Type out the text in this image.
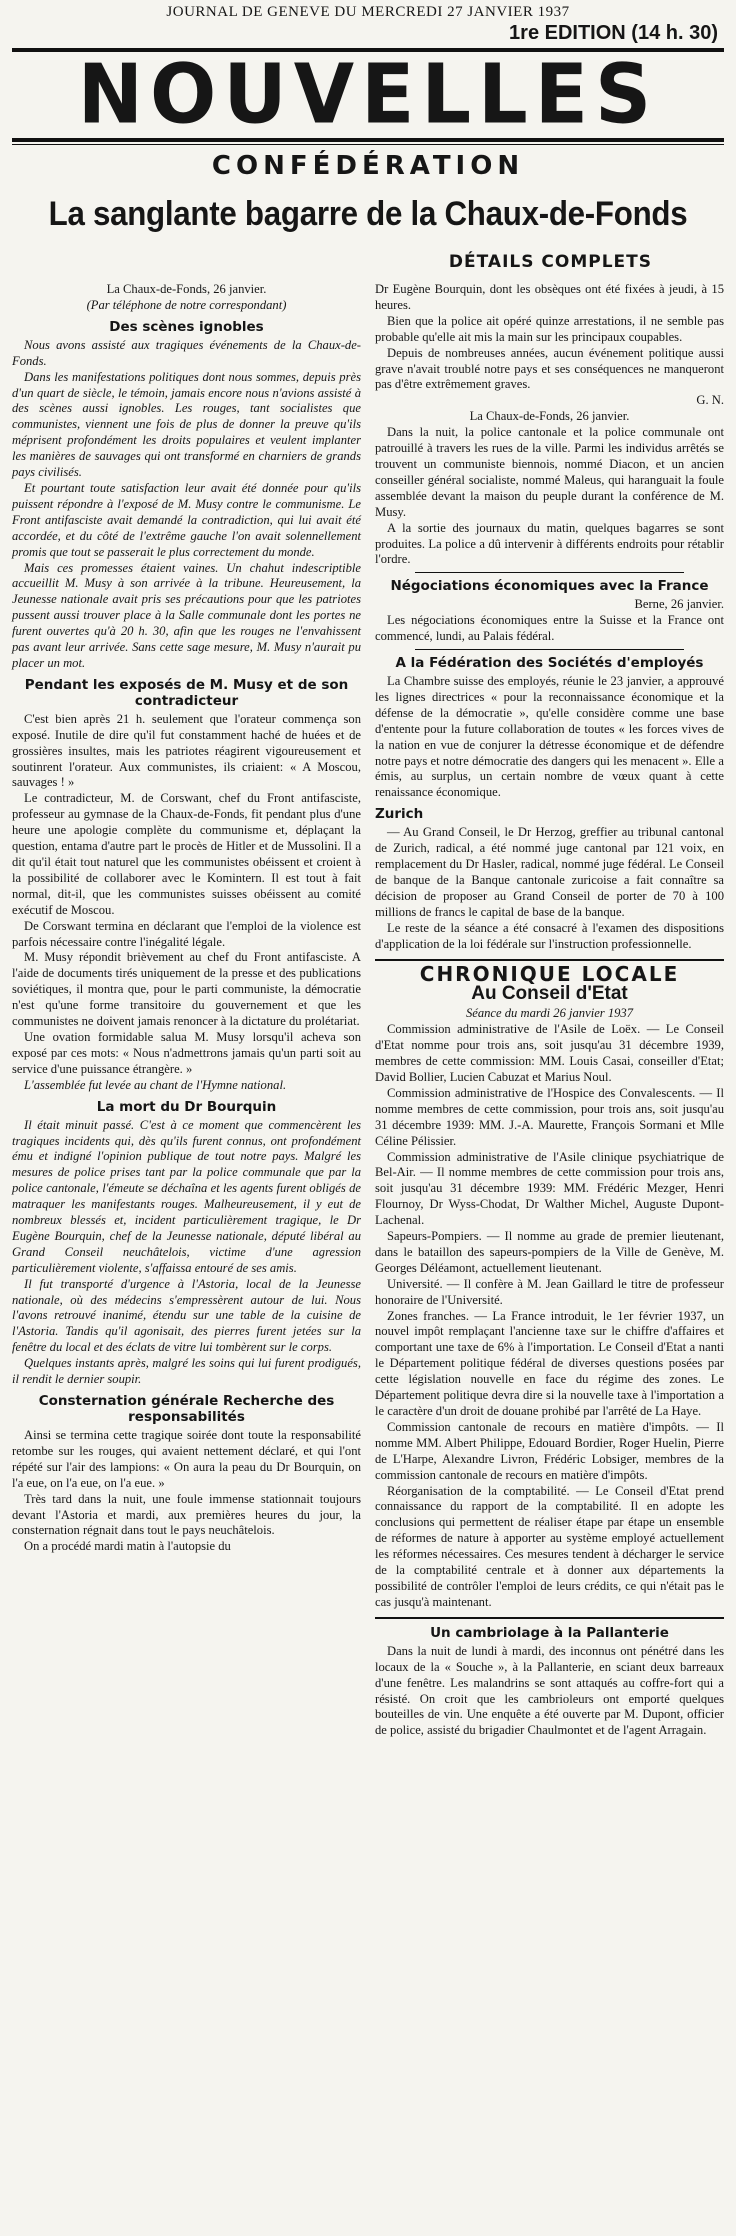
JOURNAL DE GENEVE DU MERCREDI 27 JANVIER 1937
1re EDITION (14 h. 30)
NOUVELLES
CONFÉDÉRATION
La sanglante bagarre de la Chaux-de-Fonds
DÉTAILS COMPLETS

La Chaux-de-Fonds, 26 janvier.

(Par téléphone de notre correspondant)

Des scènes ignobles

Nous avons assisté aux tragiques événements de la Chaux-de-Fonds.

Dans les manifestations politiques dont nous sommes, depuis près d'un quart de siècle, le témoin, jamais encore nous n'avions assisté à des scènes aussi ignobles. Les rouges, tant socialistes que communistes, viennent une fois de plus de donner la preuve qu'ils méprisent profondément les droits populaires et veulent implanter les manières de sauvages qui ont transformé en charniers de grands pays civilisés.

Et pourtant toute satisfaction leur avait été donnée pour qu'ils puissent répondre à l'exposé de M. Musy contre le communisme. Le Front antifasciste avait demandé la contradiction, qui lui avait été accordée, et du côté de l'extrême gauche l'on avait solennellement promis que tout se passerait le plus correctement du monde.

Mais ces promesses étaient vaines. Un chahut indescriptible accueillit M. Musy à son arrivée à la tribune. Heureusement, la Jeunesse nationale avait pris ses précautions pour que les patriotes pussent aussi trouver place à la Salle communale dont les portes ne furent ouvertes qu'à 20 h. 30, afin que les rouges ne l'envahissent pas avant leur arrivée. Sans cette sage mesure, M. Musy n'aurait pu placer un mot.

Pendant les exposés de M. Musy et de son contradicteur

C'est bien après 21 h. seulement que l'orateur commença son exposé. Inutile de dire qu'il fut constamment haché de huées et de grossières insultes, mais les patriotes réagirent vigoureusement et soutinrent l'orateur. Aux communistes, ils criaient: « A Moscou, sauvages ! »

Le contradicteur, M. de Corswant, chef du Front antifasciste, professeur au gymnase de la Chaux-de-Fonds, fit pendant plus d'une heure une apologie complète du communisme et, déplaçant la question, entama d'autre part le procès de Hitler et de Mussolini. Il a dit qu'il était tout naturel que les communistes obéissent et croient à la possibilité de collaborer avec le Komintern. Il est tout à fait normal, dit-il, que les communistes suisses obéissent au comité exécutif de Moscou.

De Corswant termina en déclarant que l'emploi de la violence est parfois nécessaire contre l'inégalité légale.

M. Musy répondit brièvement au chef du Front antifasciste. A l'aide de documents tirés uniquement de la presse et des publications soviétiques, il montra que, pour le parti communiste, la démocratie n'est qu'une forme transitoire du gouvernement et que les communistes ne doivent jamais renoncer à la dictature du prolétariat.

Une ovation formidable salua M. Musy lorsqu'il acheva son exposé par ces mots: « Nous n'admettrons jamais qu'un parti soit au service d'une puissance étrangère. »

L'assemblée fut levée au chant de l'Hymne national.

La mort du Dr Bourquin

Il était minuit passé. C'est à ce moment que commencèrent les tragiques incidents qui, dès qu'ils furent connus, ont profondément ému et indigné l'opinion publique de tout notre pays. Malgré les mesures de police prises tant par la police communale que par la police cantonale, l'émeute se déchaîna et les agents furent obligés de matraquer les manifestants rouges. Malheureusement, il y eut de nombreux blessés et, incident particulièrement tragique, le Dr Eugène Bourquin, chef de la Jeunesse nationale, député libéral au Grand Conseil neuchâtelois, victime d'une agression particulièrement violente, s'affaissa entouré de ses amis.

Il fut transporté d'urgence à l'Astoria, local de la Jeunesse nationale, où des médecins s'empressèrent autour de lui. Nous l'avons retrouvé inanimé, étendu sur une table de la cuisine de l'Astoria. Tandis qu'il agonisait, des pierres furent jetées sur la fenêtre du local et des éclats de vitre lui tombèrent sur le corps.

Quelques instants après, malgré les soins qui lui furent prodigués, il rendit le dernier soupir.

Consternation générale Recherche des responsabilités

Ainsi se termina cette tragique soirée dont toute la responsabilité retombe sur les rouges, qui avaient nettement déclaré, et qui l'ont répété sur l'air des lampions: « On aura la peau du Dr Bourquin, on l'a eue, on l'a eue, on l'a eue. »

Très tard dans la nuit, une foule immense stationnait toujours devant l'Astoria et mardi, aux premières heures du jour, la consternation régnait dans tout le pays neuchâtelois.

On a procédé mardi matin à l'autopsie du

Dr Eugène Bourquin, dont les obsèques ont été fixées à jeudi, à 15 heures.

Bien que la police ait opéré quinze arrestations, il ne semble pas probable qu'elle ait mis la main sur les principaux coupables.

Depuis de nombreuses années, aucun événement politique aussi grave n'avait troublé notre pays et ses conséquences ne manqueront pas d'être extrêmement graves.

G. N.

La Chaux-de-Fonds, 26 janvier.

Dans la nuit, la police cantonale et la police communale ont patrouillé à travers les rues de la ville. Parmi les individus arrêtés se trouvent un communiste biennois, nommé Diacon, et un ancien conseiller général socialiste, nommé Maleus, qui haranguait la foule assemblée devant la maison du peuple durant la conférence de M. Musy.

A la sortie des journaux du matin, quelques bagarres se sont produites. La police a dû intervenir à différents endroits pour rétablir l'ordre.

Négociations économiques avec la France

Berne, 26 janvier.

Les négociations économiques entre la Suisse et la France ont commencé, lundi, au Palais fédéral.

A la Fédération des Sociétés d'employés

La Chambre suisse des employés, réunie le 23 janvier, a approuvé les lignes directrices « pour la reconnaissance économique et la défense de la démocratie », qu'elle considère comme une base d'entente pour la future collaboration de toutes « les forces vives de la nation en vue de conjurer la détresse économique et de défendre notre pays et notre démocratie des dangers qui les menacent ». Elle a émis, au surplus, un certain nombre de vœux quant à cette renaissance économique.

Zurich

— Au Grand Conseil, le Dr Herzog, greffier au tribunal cantonal de Zurich, radical, a été nommé juge cantonal par 121 voix, en remplacement du Dr Hasler, radical, nommé juge fédéral. Le Conseil de banque de la Banque cantonale zuricoise a fait connaître sa décision de proposer au Grand Conseil de porter de 70 à 100 millions de francs le capital de base de la banque.

Le reste de la séance a été consacré à l'examen des dispositions d'application de la loi fédérale sur l'instruction professionnelle.

CHRONIQUE LOCALE
Au Conseil d'Etat

Séance du mardi 26 janvier 1937

Commission administrative de l'Asile de Loëx. — Le Conseil d'Etat nomme pour trois ans, soit jusqu'au 31 décembre 1939, membres de cette commission: MM. Louis Casai, conseiller d'Etat; David Bollier, Lucien Cabuzat et Marius Noul.

Commission administrative de l'Hospice des Convalescents. — Il nomme membres de cette commission, pour trois ans, soit jusqu'au 31 décembre 1939: MM. J.-A. Maurette, François Sormani et Mlle Céline Pélissier.

Commission administrative de l'Asile clinique psychiatrique de Bel-Air. — Il nomme membres de cette commission pour trois ans, soit jusqu'au 31 décembre 1939: MM. Frédéric Mezger, Henri Flournoy, Dr Wyss-Chodat, Dr Walther Michel, Auguste Dupont-Lachenal.

Sapeurs-Pompiers. — Il nomme au grade de premier lieutenant, dans le bataillon des sapeurs-pompiers de la Ville de Genève, M. Georges Déléamont, actuellement lieutenant.

Université. — Il confère à M. Jean Gaillard le titre de professeur honoraire de l'Université.

Zones franches. — La France introduit, le 1er février 1937, un nouvel impôt remplaçant l'ancienne taxe sur le chiffre d'affaires et comportant une taxe de 6% à l'importation. Le Conseil d'Etat a nanti le Département politique fédéral de diverses questions posées par cette législation nouvelle en face du régime des zones. Le Département politique devra dire si la nouvelle taxe à l'importation a le caractère d'un droit de douane prohibé par l'arrêté de La Haye.

Commission cantonale de recours en matière d'impôts. — Il nomme MM. Albert Philippe, Edouard Bordier, Roger Huelin, Pierre de L'Harpe, Alexandre Livron, Frédéric Lobsiger, membres de la commission cantonale de recours en matière d'impôts.

Réorganisation de la comptabilité. — Le Conseil d'Etat prend connaissance du rapport de la comptabilité. Il en adopte les conclusions qui permettent de réaliser étape par étape un ensemble de réformes de nature à apporter au système employé actuellement les réformes nécessaires. Ces mesures tendent à décharger le service de la comptabilité centrale et à donner aux départements la possibilité de contrôler l'emploi de leurs crédits, ce qui n'était pas le cas jusqu'à maintenant.

Un cambriolage à la Pallanterie

Dans la nuit de lundi à mardi, des inconnus ont pénétré dans les locaux de la « Souche », à la Pallanterie, en sciant deux barreaux d'une fenêtre. Les malandrins se sont attaqués au coffre-fort qui a résisté. On croit que les cambrioleurs ont emporté quelques bouteilles de vin. Une enquête a été ouverte par M. Dupont, officier de police, assisté du brigadier Chaulmontet et de l'agent Arragain.
